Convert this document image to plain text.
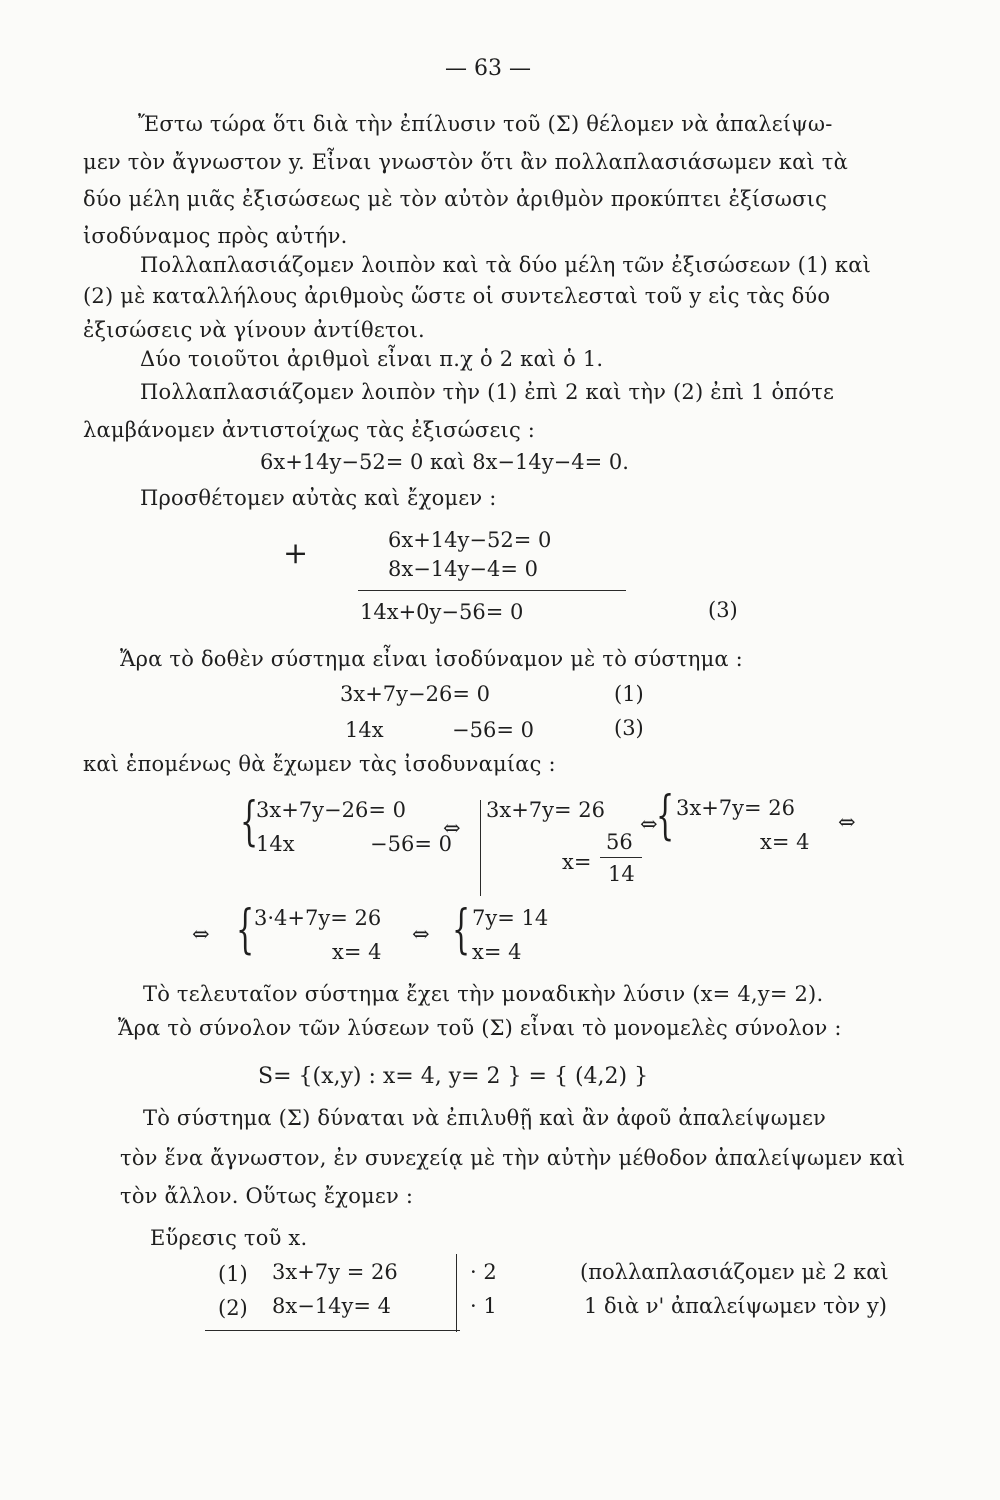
— 63 —
Ἔστω τώρα ὅτι διὰ τὴν ἐπίλυσιν τοῦ (Σ) θέλομεν νὰ ἀπαλείψω-
μεν τὸν ἄγνωστον y. Εἶναι γνωστὸν ὅτι ἂν πολλαπλασιάσωμεν καὶ τὰ
δύο μέλη μιᾶς ἐξισώσεως μὲ τὸν αὐτὸν ἀριθμὸν προκύπτει ἐξίσωσις
ἰσοδύναμος πρὸς αὐτήν.
Πολλαπλασιάζομεν λοιπὸν καὶ τὰ δύο μέλη τῶν ἐξισώσεων (1) καὶ
(2) μὲ καταλλήλους ἀριθμοὺς ὥστε οἱ συντελεσταὶ τοῦ y εἰς τὰς δύο
ἐξισώσεις νὰ γίνουν ἀντίθετοι.
Δύο τοιοῦτοι ἀριθμοὶ εἶναι π.χ ὁ 2 καὶ ὁ 1.
Πολλαπλασιάζομεν λοιπὸν τὴν (1) ἐπὶ 2 καὶ τὴν (2) ἐπὶ 1 ὁπότε
λαμβάνομεν ἀντιστοίχως τὰς ἐξισώσεις :
6x+14y−52= 0 καὶ 8x−14y−4= 0.
Προσθέτομεν αὐτὰς καὶ ἔχομεν :
6x+14y−52= 0
+	8x−14y−4= 0
14x+0y−56= 0	(3)
Ἄρα τὸ δοθὲν σύστημα εἶναι ἰσοδύναμον μὲ τὸ σύστημα :
3x+7y−26= 0	(1)
14x	−56= 0	(3)
καὶ ἑπομένως θὰ ἔχωμεν τὰς ἰσοδυναμίας :
{
3x+7y−26= 0
14x	−56= 0
⇔
3x+7y= 26
x=
56
14
⇔
{ 3x+7y= 26
x= 4
⇔
⇔ { 3·4+7y= 26
x= 4
⇔ { 7y= 14
x= 4
Τὸ τελευταῖον σύστημα ἔχει τὴν μοναδικὴν λύσιν (x= 4,y= 2).
Ἄρα τὸ σύνολον τῶν λύσεων τοῦ (Σ) εἶναι τὸ μονομελὲς σύνολον :
S= {(x,y) : x= 4, y= 2 } = { (4,2) }
Τὸ σύστημα (Σ) δύναται νὰ ἐπιλυθῇ καὶ ἂν ἀφοῦ ἀπαλείψωμεν
τὸν ἕνα ἄγνωστον, ἐν συνεχείᾳ μὲ τὴν αὐτὴν μέθοδον ἀπαλείψωμεν καὶ
τὸν ἄλλον. Οὕτως ἔχομεν :
Εὕρεσις τοῦ x.
(1) 3x+7y = 26	· 2
(2) 8x−14y= 4	· 1
(πολλαπλασιάζομεν μὲ 2 καὶ
1 διὰ ν' ἀπαλείψωμεν τὸν y)
